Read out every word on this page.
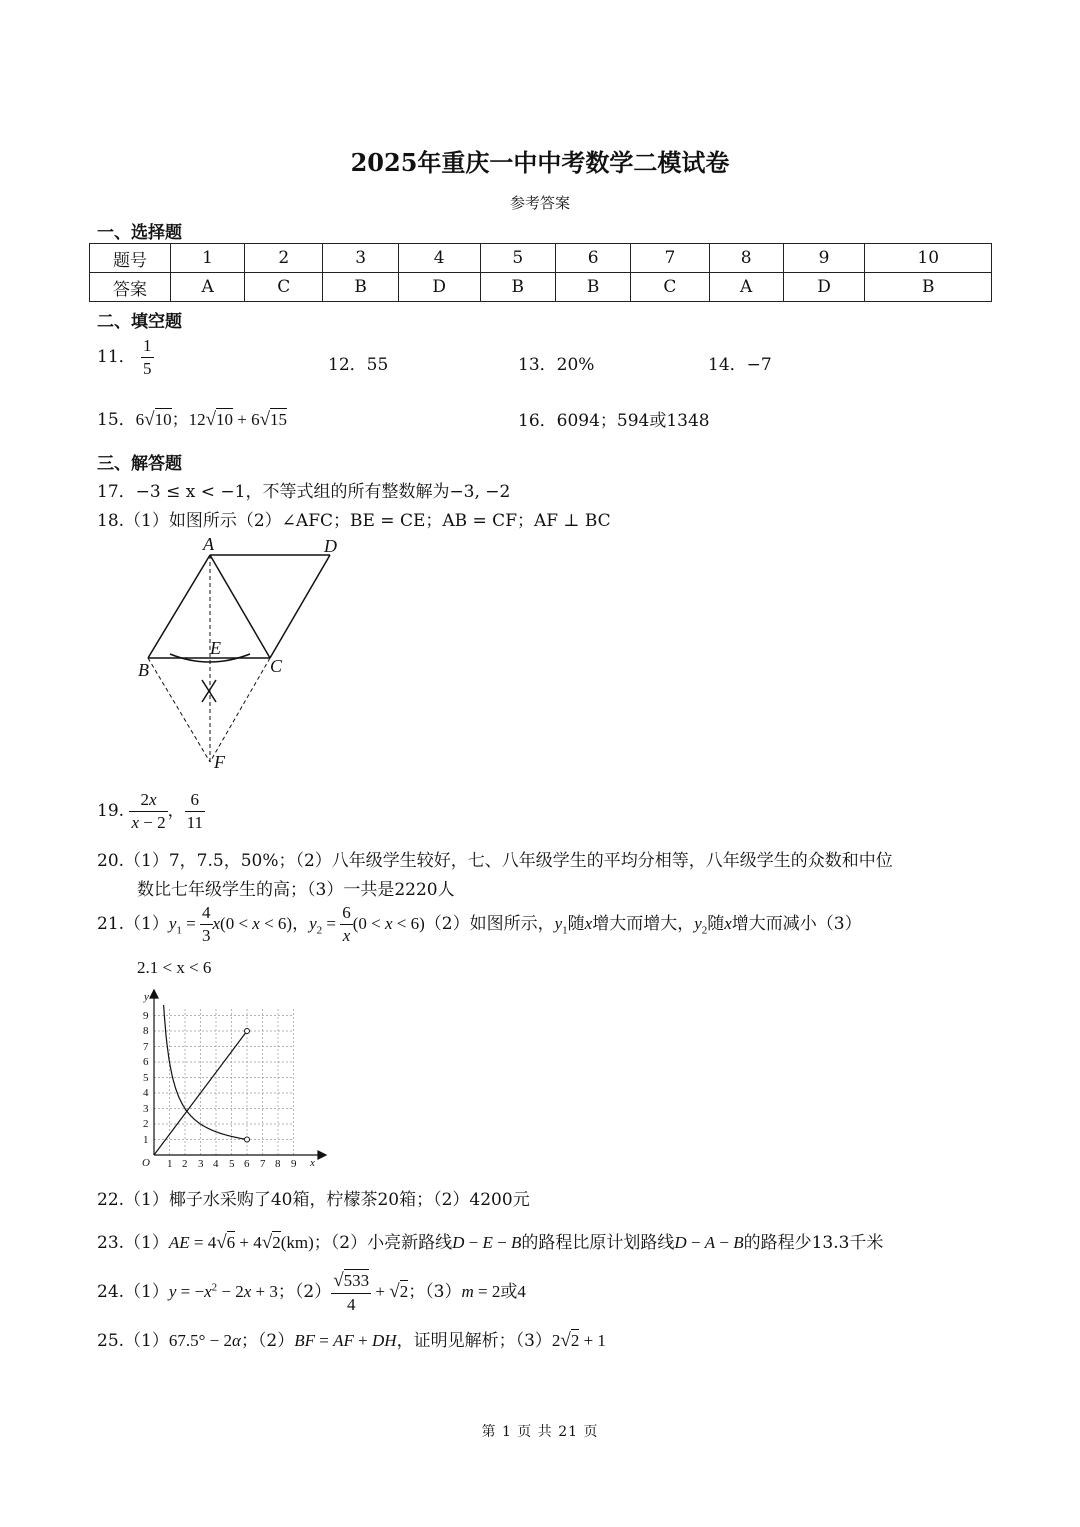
2025年重庆一中中考数学二模试卷
参考答案
一、选择题
题号	1	2	3	4	5	6	7	8	9	10
答案	A	C	B	D	B	B	C	A	D	B
二、填空题
11． $\frac{1}{5}$	12．55	13．20%	14．−7
15．6√10；12√10 + 6√15	16．6094；594或1348
三、解答题
17．−3 ≤ x < −1，不等式组的所有整数解为−3, −2
18.（1）如图所示（2）∠AFC；BE = CE；AB = CF；AF ⊥ BC
A	D
B	C
E
F
19. $\frac{2x}{x - 2}$ ， $\frac{6}{11}$
20.（1）7，7.5，50%；（2）八年级学生较好，七、八年级学生的平均分相等，八年级学生的众数和中位
数比七年级学生的高；（3）一共是2220人
$21.(1)y_1 = \frac{4}{3} x(0 < x < 6)$，$y_2 = \frac{6}{x} (0 < x < 6)(2)$如图所示，$y_1$随x增大而增大，$y_2$随x增大而减小（3）
2.1 < x < 6
1
2
3
4
5
6
7
8
9
1 2 3 4 5 6 7 8 9
O	x
y
22.（1）椰子水采购了40箱，柠檬茶20箱；（2）4200元
23.（1）AE = 4√6 + 4√2(km)；（2）小亮新路线D − E − B的路程比原计划路线D − A − B的路程少13.3千米
$24.(1)y = -x^2 - 2x + 3$；$(2) \frac{√533}{4} + √2$；（3）m = 2或4
25.（1）67.5° − 2α；（2）BF = AF + DH，证明见解析；（3）2√2 + 1
第 1 页 共 21 页
